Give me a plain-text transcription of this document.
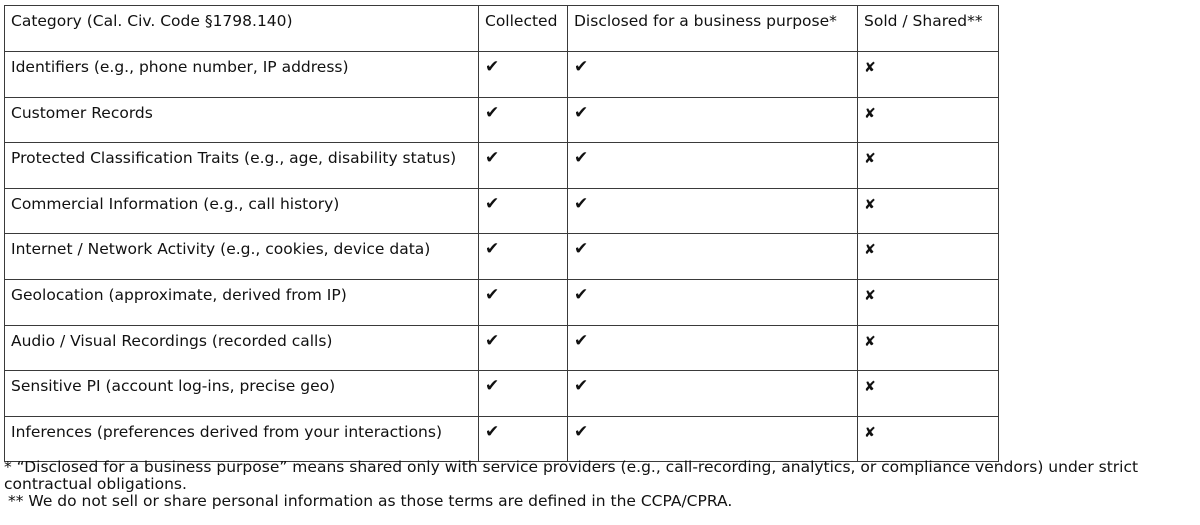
Category (Cal. Civ. Code §1798.140)	Collected	Disclosed for a business purpose*	Sold / Shared**
Identifiers (e.g., phone number, IP address)	✔	✔	✘
Customer Records	✔	✔	✘
Protected Classification Traits (e.g., age, disability status)	✔	✔	✘
Commercial Information (e.g., call history)	✔	✔	✘
Internet / Network Activity (e.g., cookies, device data)	✔	✔	✘
Geolocation (approximate, derived from IP)	✔	✔	✘
Audio / Visual Recordings (recorded calls)	✔	✔	✘
Sensitive PI (account log-ins, precise geo)	✔	✔	✘
Inferences (preferences derived from your interactions)	✔	✔	✘

* “Disclosed for a business purpose” means shared only with service providers (e.g., call-recording, analytics, or compliance vendors) under strict contractual obligations.

** We do not sell or share personal information as those terms are defined in the CCPA/CPRA.
